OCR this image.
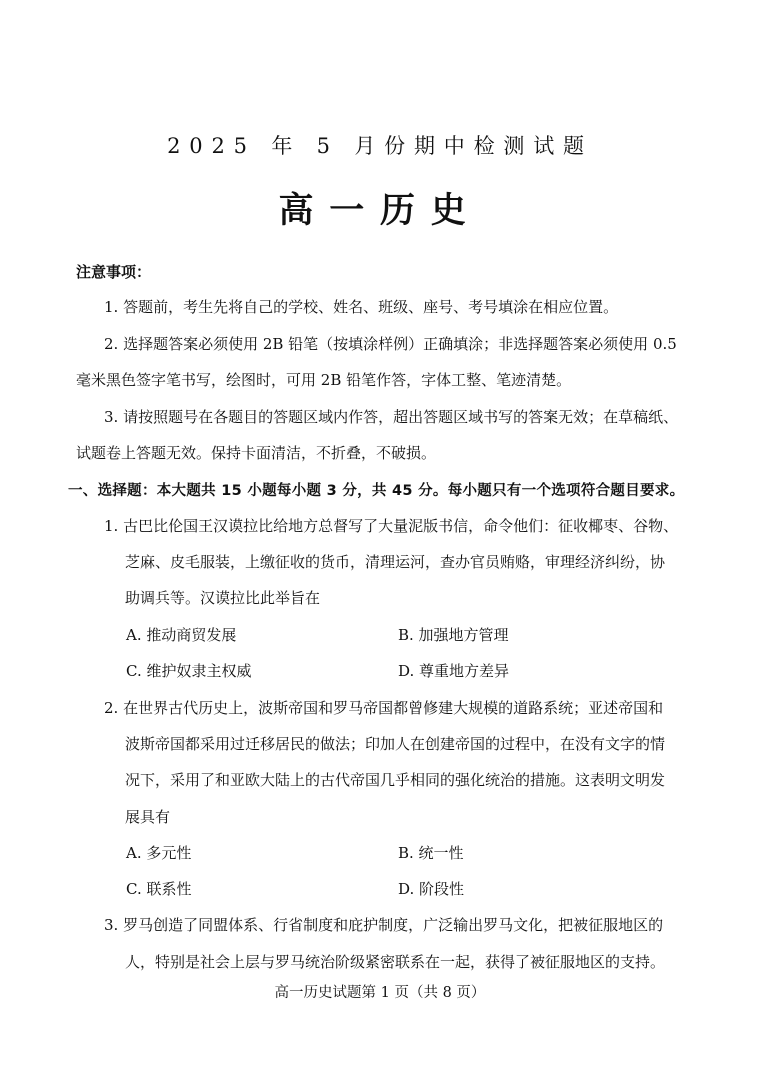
2025 年 5 月份期中检测试题
高一历史
注意事项：
1. 答题前，考生先将自己的学校、姓名、班级、座号、考号填涂在相应位置。
2. 选择题答案必须使用 2B 铅笔（按填涂样例）正确填涂；非选择题答案必须使用 0.5
毫米黑色签字笔书写，绘图时，可用 2B 铅笔作答，字体工整、笔迹清楚。
3. 请按照题号在各题目的答题区域内作答，超出答题区域书写的答案无效；在草稿纸、
试题卷上答题无效。保持卡面清洁，不折叠，不破损。
一、选择题：本大题共 15 小题每小题 3 分，共 45 分。每小题只有一个选项符合题目要求。
1. 古巴比伦国王汉谟拉比给地方总督写了大量泥版书信，命令他们：征收椰枣、谷物、
芝麻、皮毛服装，上缴征收的货币，清理运河，查办官员贿赂，审理经济纠纷，协
助调兵等。汉谟拉比此举旨在
A. 推动商贸发展	B. 加强地方管理
C. 维护奴隶主权威	D. 尊重地方差异
2. 在世界古代历史上，波斯帝国和罗马帝国都曾修建大规模的道路系统；亚述帝国和
波斯帝国都采用过迁移居民的做法；印加人在创建帝国的过程中，在没有文字的情
况下，采用了和亚欧大陆上的古代帝国几乎相同的强化统治的措施。这表明文明发
展具有
A. 多元性	B. 统一性
C. 联系性	D. 阶段性
3. 罗马创造了同盟体系、行省制度和庇护制度，广泛输出罗马文化，把被征服地区的
人，特别是社会上层与罗马统治阶级紧密联系在一起，获得了被征服地区的支持。
高一历史试题第 1 页（共 8 页）
